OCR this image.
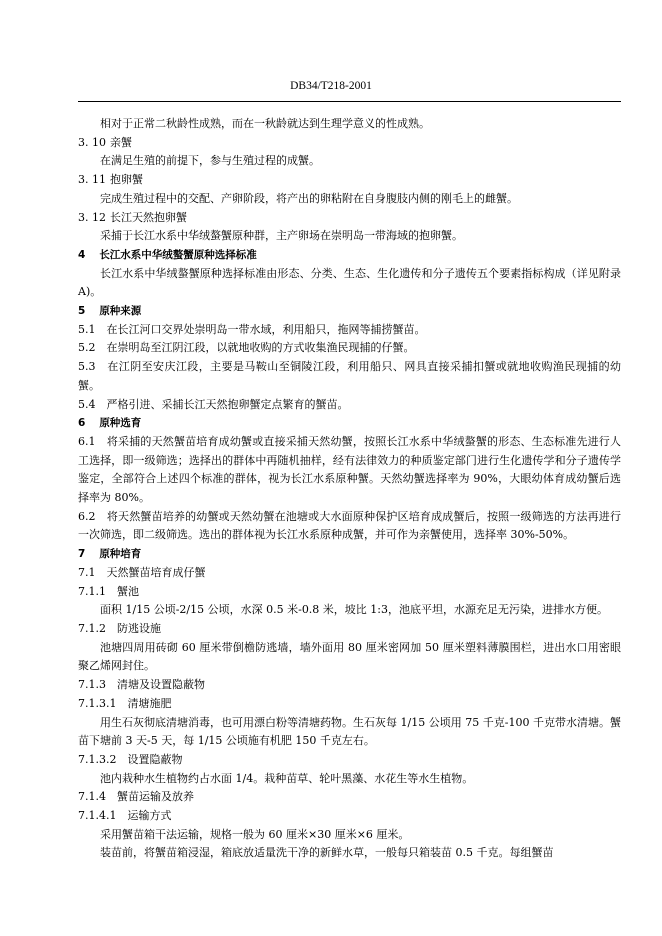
DB34/T218-2001

相对于正常二秋龄性成熟，而在一秋龄就达到生理学意义的性成熟。

3. 10 亲蟹

在满足生殖的前提下，参与生殖过程的成蟹。

3. 11 抱卵蟹

完成生殖过程中的交配、产卵阶段，将产出的卵粘附在自身腹肢内侧的刚毛上的雌蟹。

3. 12 长江天然抱卵蟹

采捕于长江水系中华绒螯蟹原种群，主产卵场在崇明岛一带海域的抱卵蟹。

4 长江水系中华绒螯蟹原种选择标准

长江水系中华绒螯蟹原种选择标准由形态、分类、生态、生化遗传和分子遗传五个要素指标构成（详见附录 A)。

5 原种来源

5.1　在长江河口交界处崇明岛一带水域，利用船只，拖网等捕捞蟹苗。

5.2　在崇明岛至江阴江段，以就地收购的方式收集渔民现捕的仔蟹。

5.3　在江阴至安庆江段，主要是马鞍山至铜陵江段，利用船只、网具直接采捕扣蟹或就地收购渔民现捕的幼蟹。

5.4　严格引进、采捕长江天然抱卵蟹定点繁育的蟹苗。

6 原种选育

6.1　将采捕的天然蟹苗培育成幼蟹或直接采捕天然幼蟹，按照长江水系中华绒螯蟹的形态、生态标准先进行人工选择，即一级筛选；选择出的群体中再随机抽样，经有法律效力的种质鉴定部门进行生化遗传学和分子遗传学鉴定，全部符合上述四个标准的群体，视为长江水系原种蟹。天然幼蟹选择率为 90%，大眼幼体育成幼蟹后选择率为 80%。

6.2　将天然蟹苗培养的幼蟹或天然幼蟹在池塘或大水面原种保护区培育成成蟹后，按照一级筛选的方法再进行一次筛选，即二级筛选。选出的群体视为长江水系原种成蟹，并可作为亲蟹使用，选择率 30%-50%。

7 原种培育

7.1　天然蟹苗培育成仔蟹

7.1.1　蟹池

面积 1/15 公顷-2/15 公顷，水深 0.5 米-0.8 米，坡比 1:3，池底平坦，水源充足无污染，进排水方便。

7.1.2　防逃设施

池塘四周用砖砌 60 厘米带倒檐防逃墙，墙外面用 80 厘米密网加 50 厘米塑料薄膜围栏，进出水口用密眼聚乙烯网封住。

7.1.3　清塘及设置隐蔽物

7.1.3.1　清塘施肥

用生石灰彻底清塘消毒，也可用漂白粉等清塘药物。生石灰每 1/15 公顷用 75 千克-100 千克带水清塘。蟹苗下塘前 3 天-5 天，每 1/15 公顷施有机肥 150 千克左右。

7.1.3.2　设置隐蔽物

池内栽种水生植物约占水面 1/4。栽种苗草、轮叶黑藻、水花生等水生植物。

7.1.4　蟹苗运输及放养

7.1.4.1　运输方式

采用蟹苗箱干法运输，规格一般为 60 厘米×30 厘米×6 厘米。

装苗前，将蟹苗箱浸湿，箱底放适量洗干净的新鲜水草，一般每只箱装苗 0.5 千克。每组蟹苗
